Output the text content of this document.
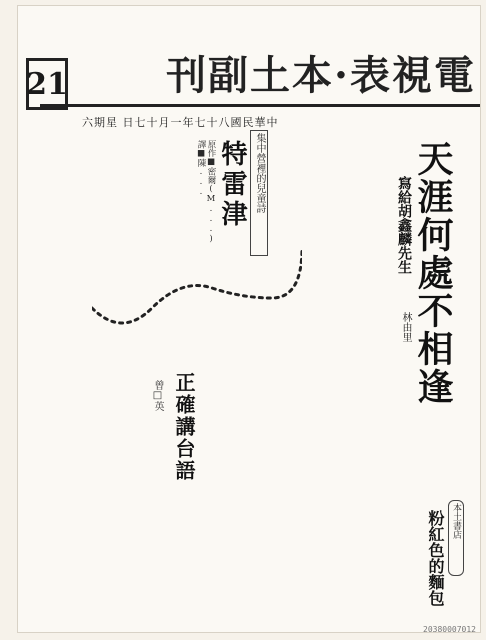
21 刊副土本·表視電
六期星 日七十月一年七十八國民華中
天涯何處不相逢
寫給胡鑫麟先生
林由里
集中營裡的兒童詩
特雷津
原作■密爾(M...) 譯■陳...
正確講台語
曾□英
本土書店
粉紅色的麵包
20380007012
